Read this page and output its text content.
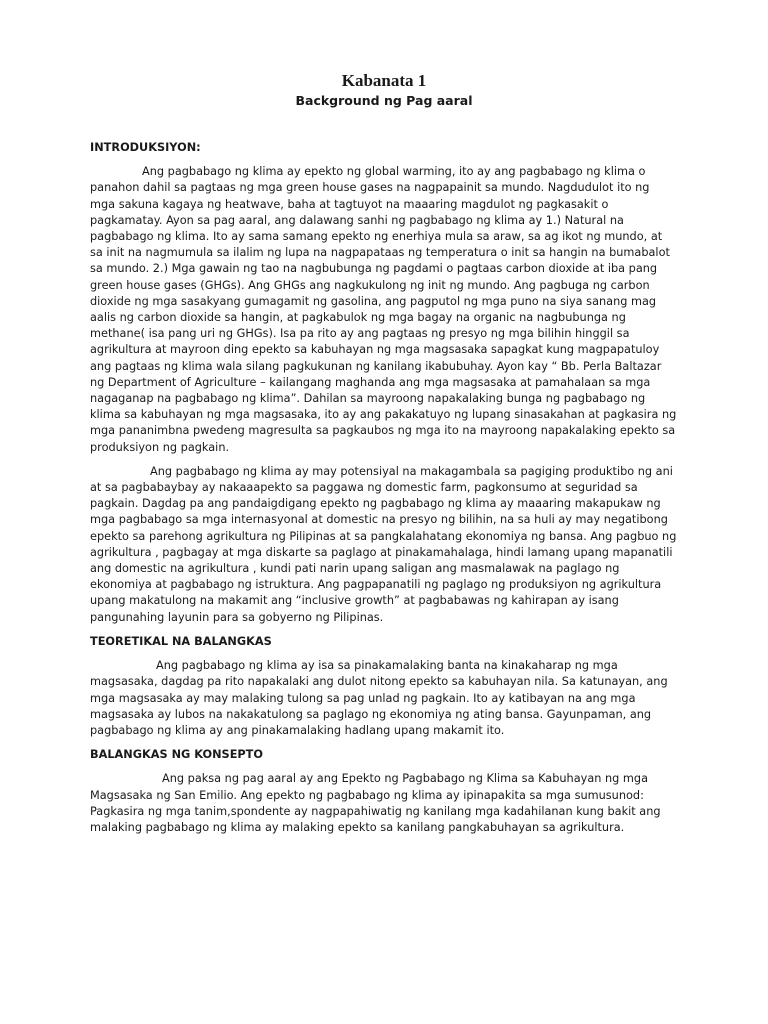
Kabanata 1
Background ng Pag aaral
INTRODUKSIYON:

Ang pagbabago ng klima ay epekto ng global warming, ito ay ang pagbabago ng klima o panahon dahil sa pagtaas ng mga green house gases na nagpapainit sa mundo. Nagdudulot ito ng mga sakuna kagaya ng heatwave, baha at tagtuyot na maaaring magdulot ng pagkasakit o pagkamatay. Ayon sa pag aaral, ang dalawang sanhi ng pagbabago ng klima ay 1.) Natural na pagbabago ng klima. Ito ay sama samang epekto ng enerhiya mula sa araw, sa ag ikot ng mundo, at sa init na nagmumula sa ilalim ng lupa na nagpapataas ng temperatura o init sa hangin na bumabalot sa mundo. 2.) Mga gawain ng tao na nagbubunga ng pagdami o pagtaas carbon dioxide at iba pang green house gases (GHGs). Ang GHGs ang nagkukulong ng init ng mundo. Ang pagbuga ng carbon dioxide ng mga sasakyang gumagamit ng gasolina, ang pagputol ng mga puno na siya sanang mag aalis ng carbon dioxide sa hangin, at pagkabulok ng mga bagay na organic na nagbubunga ng methane( isa pang uri ng GHGs). Isa pa rito ay ang pagtaas ng presyo ng mga bilihin hinggil sa agrikultura at mayroon ding epekto sa kabuhayan ng mga magsasaka sapagkat kung magpapatuloy ang pagtaas ng klima wala silang pagkukunan ng kanilang ikabubuhay. Ayon kay “ Bb. Perla Baltazar ng Department of Agriculture – kailangang maghanda ang mga magsasaka at pamahalaan sa mga nagaganap na pagbabago ng klima”. Dahilan sa mayroong napakalaking bunga ng pagbabago ng klima sa kabuhayan ng mga magsasaka, ito ay ang pakakatuyo ng lupang sinasakahan at pagkasira ng mga pananimbna pwedeng magresulta sa pagkaubos ng mga ito na mayroong napakalaking epekto sa produksiyon ng pagkain.

Ang pagbabago ng klima ay may potensiyal na makagambala sa pagiging produktibo ng ani at sa pagbabaybay ay nakaaapekto sa paggawa ng domestic farm, pagkonsumo at seguridad sa pagkain. Dagdag pa ang pandaigdigang epekto ng pagbabago ng klima ay maaaring makapukaw ng mga pagbabago sa mga internasyonal at domestic na presyo ng bilihin, na sa huli ay may negatibong epekto sa parehong agrikultura ng Pilipinas at sa pangkalahatang ekonomiya ng bansa. Ang pagbuo ng agrikultura , pagbagay at mga diskarte sa paglago at pinakamahalaga, hindi lamang upang mapanatili ang domestic na agrikultura , kundi pati narin upang saligan ang masmalawak na paglago ng ekonomiya at pagbabago ng istruktura. Ang pagpapanatili ng paglago ng produksiyon ng agrikultura upang makatulong na makamit ang “inclusive growth” at pagbabawas ng kahirapan ay isang pangunahing layunin para sa gobyerno ng Pilipinas.

TEORETIKAL NA BALANGKAS

Ang pagbabago ng klima ay isa sa pinakamalaking banta na kinakaharap ng mga magsasaka, dagdag pa rito napakalaki ang dulot nitong epekto sa kabuhayan nila. Sa katunayan, ang mga magsasaka ay may malaking tulong sa pag unlad ng pagkain. Ito ay katibayan na ang mga magsasaka ay lubos na nakakatulong sa paglago ng ekonomiya ng ating bansa. Gayunpaman, ang pagbabago ng klima ay ang pinakamalaking hadlang upang makamit ito.

BALANGKAS NG KONSEPTO

Ang paksa ng pag aaral ay ang Epekto ng Pagbabago ng Klima sa Kabuhayan ng mga Magsasaka ng San Emilio. Ang epekto ng pagbabago ng klima ay ipinapakita sa mga sumusunod: Pagkasira ng mga tanim,spondente ay nagpapahiwatig ng kanilang mga kadahilanan kung bakit ang malaking pagbabago ng klima ay malaking epekto sa kanilang pangkabuhayan sa agrikultura.
